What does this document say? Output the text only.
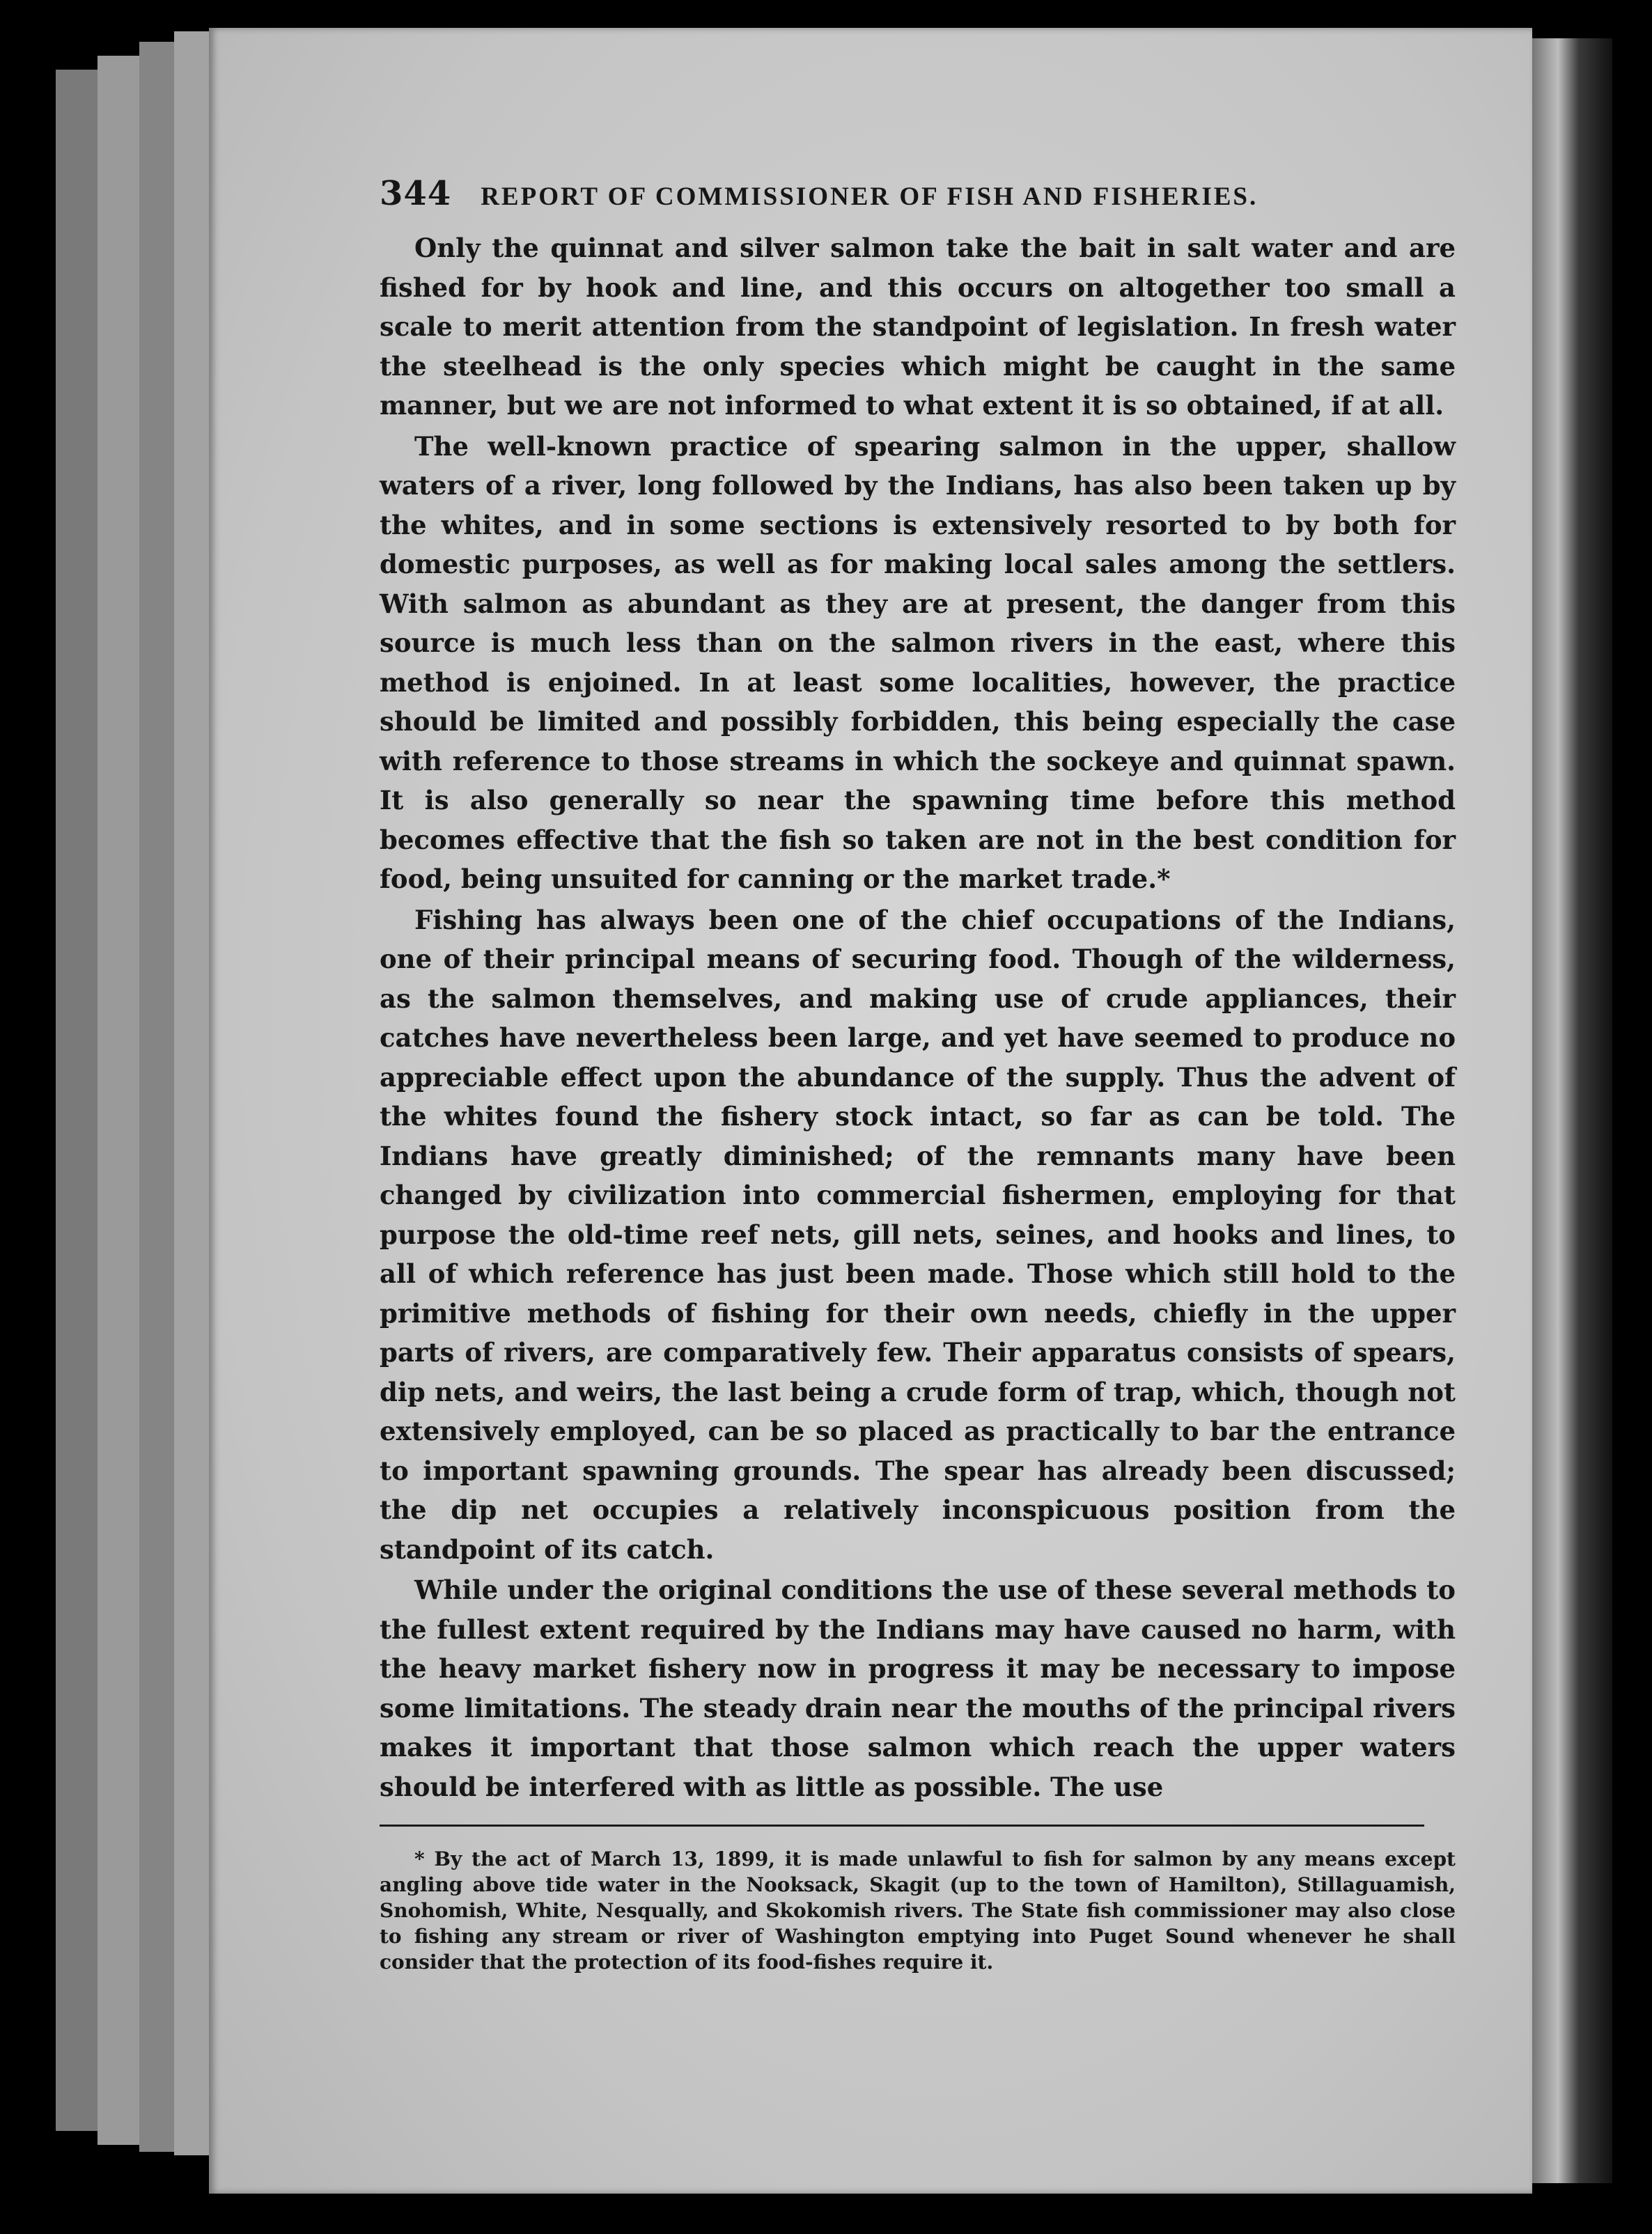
344 REPORT OF COMMISSIONER OF FISH AND FISHERIES.

Only the quinnat and silver salmon take the bait in salt water and are fished for by hook and line, and this occurs on altogether too small a scale to merit attention from the standpoint of legislation. In fresh water the steelhead is the only species which might be caught in the same manner, but we are not informed to what extent it is so obtained, if at all.

The well-known practice of spearing salmon in the upper, shallow waters of a river, long followed by the Indians, has also been taken up by the whites, and in some sections is extensively resorted to by both for domestic purposes, as well as for making local sales among the settlers. With salmon as abundant as they are at present, the danger from this source is much less than on the salmon rivers in the east, where this method is enjoined. In at least some localities, however, the practice should be limited and possibly forbidden, this being especially the case with reference to those streams in which the sockeye and quinnat spawn. It is also generally so near the spawning time before this method becomes effective that the fish so taken are not in the best condition for food, being unsuited for canning or the market trade.*

Fishing has always been one of the chief occupations of the Indians, one of their principal means of securing food. Though of the wilderness, as the salmon themselves, and making use of crude appliances, their catches have nevertheless been large, and yet have seemed to produce no appreciable effect upon the abundance of the supply. Thus the advent of the whites found the fishery stock intact, so far as can be told. The Indians have greatly diminished; of the remnants many have been changed by civilization into commercial fishermen, employing for that purpose the old-time reef nets, gill nets, seines, and hooks and lines, to all of which reference has just been made. Those which still hold to the primitive methods of fishing for their own needs, chiefly in the upper parts of rivers, are comparatively few. Their apparatus consists of spears, dip nets, and weirs, the last being a crude form of trap, which, though not extensively employed, can be so placed as practically to bar the entrance to important spawning grounds. The spear has already been discussed; the dip net occupies a relatively inconspicuous position from the standpoint of its catch.

While under the original conditions the use of these several methods to the fullest extent required by the Indians may have caused no harm, with the heavy market fishery now in progress it may be necessary to impose some limitations. The steady drain near the mouths of the principal rivers makes it important that those salmon which reach the upper waters should be interfered with as little as possible. The use

* By the act of March 13, 1899, it is made unlawful to fish for salmon by any means except angling above tide water in the Nooksack, Skagit (up to the town of Hamilton), Stillaguamish, Snohomish, White, Nesqually, and Skokomish rivers. The State fish commissioner may also close to fishing any stream or river of Washington emptying into Puget Sound whenever he shall consider that the protection of its food-fishes require it.
